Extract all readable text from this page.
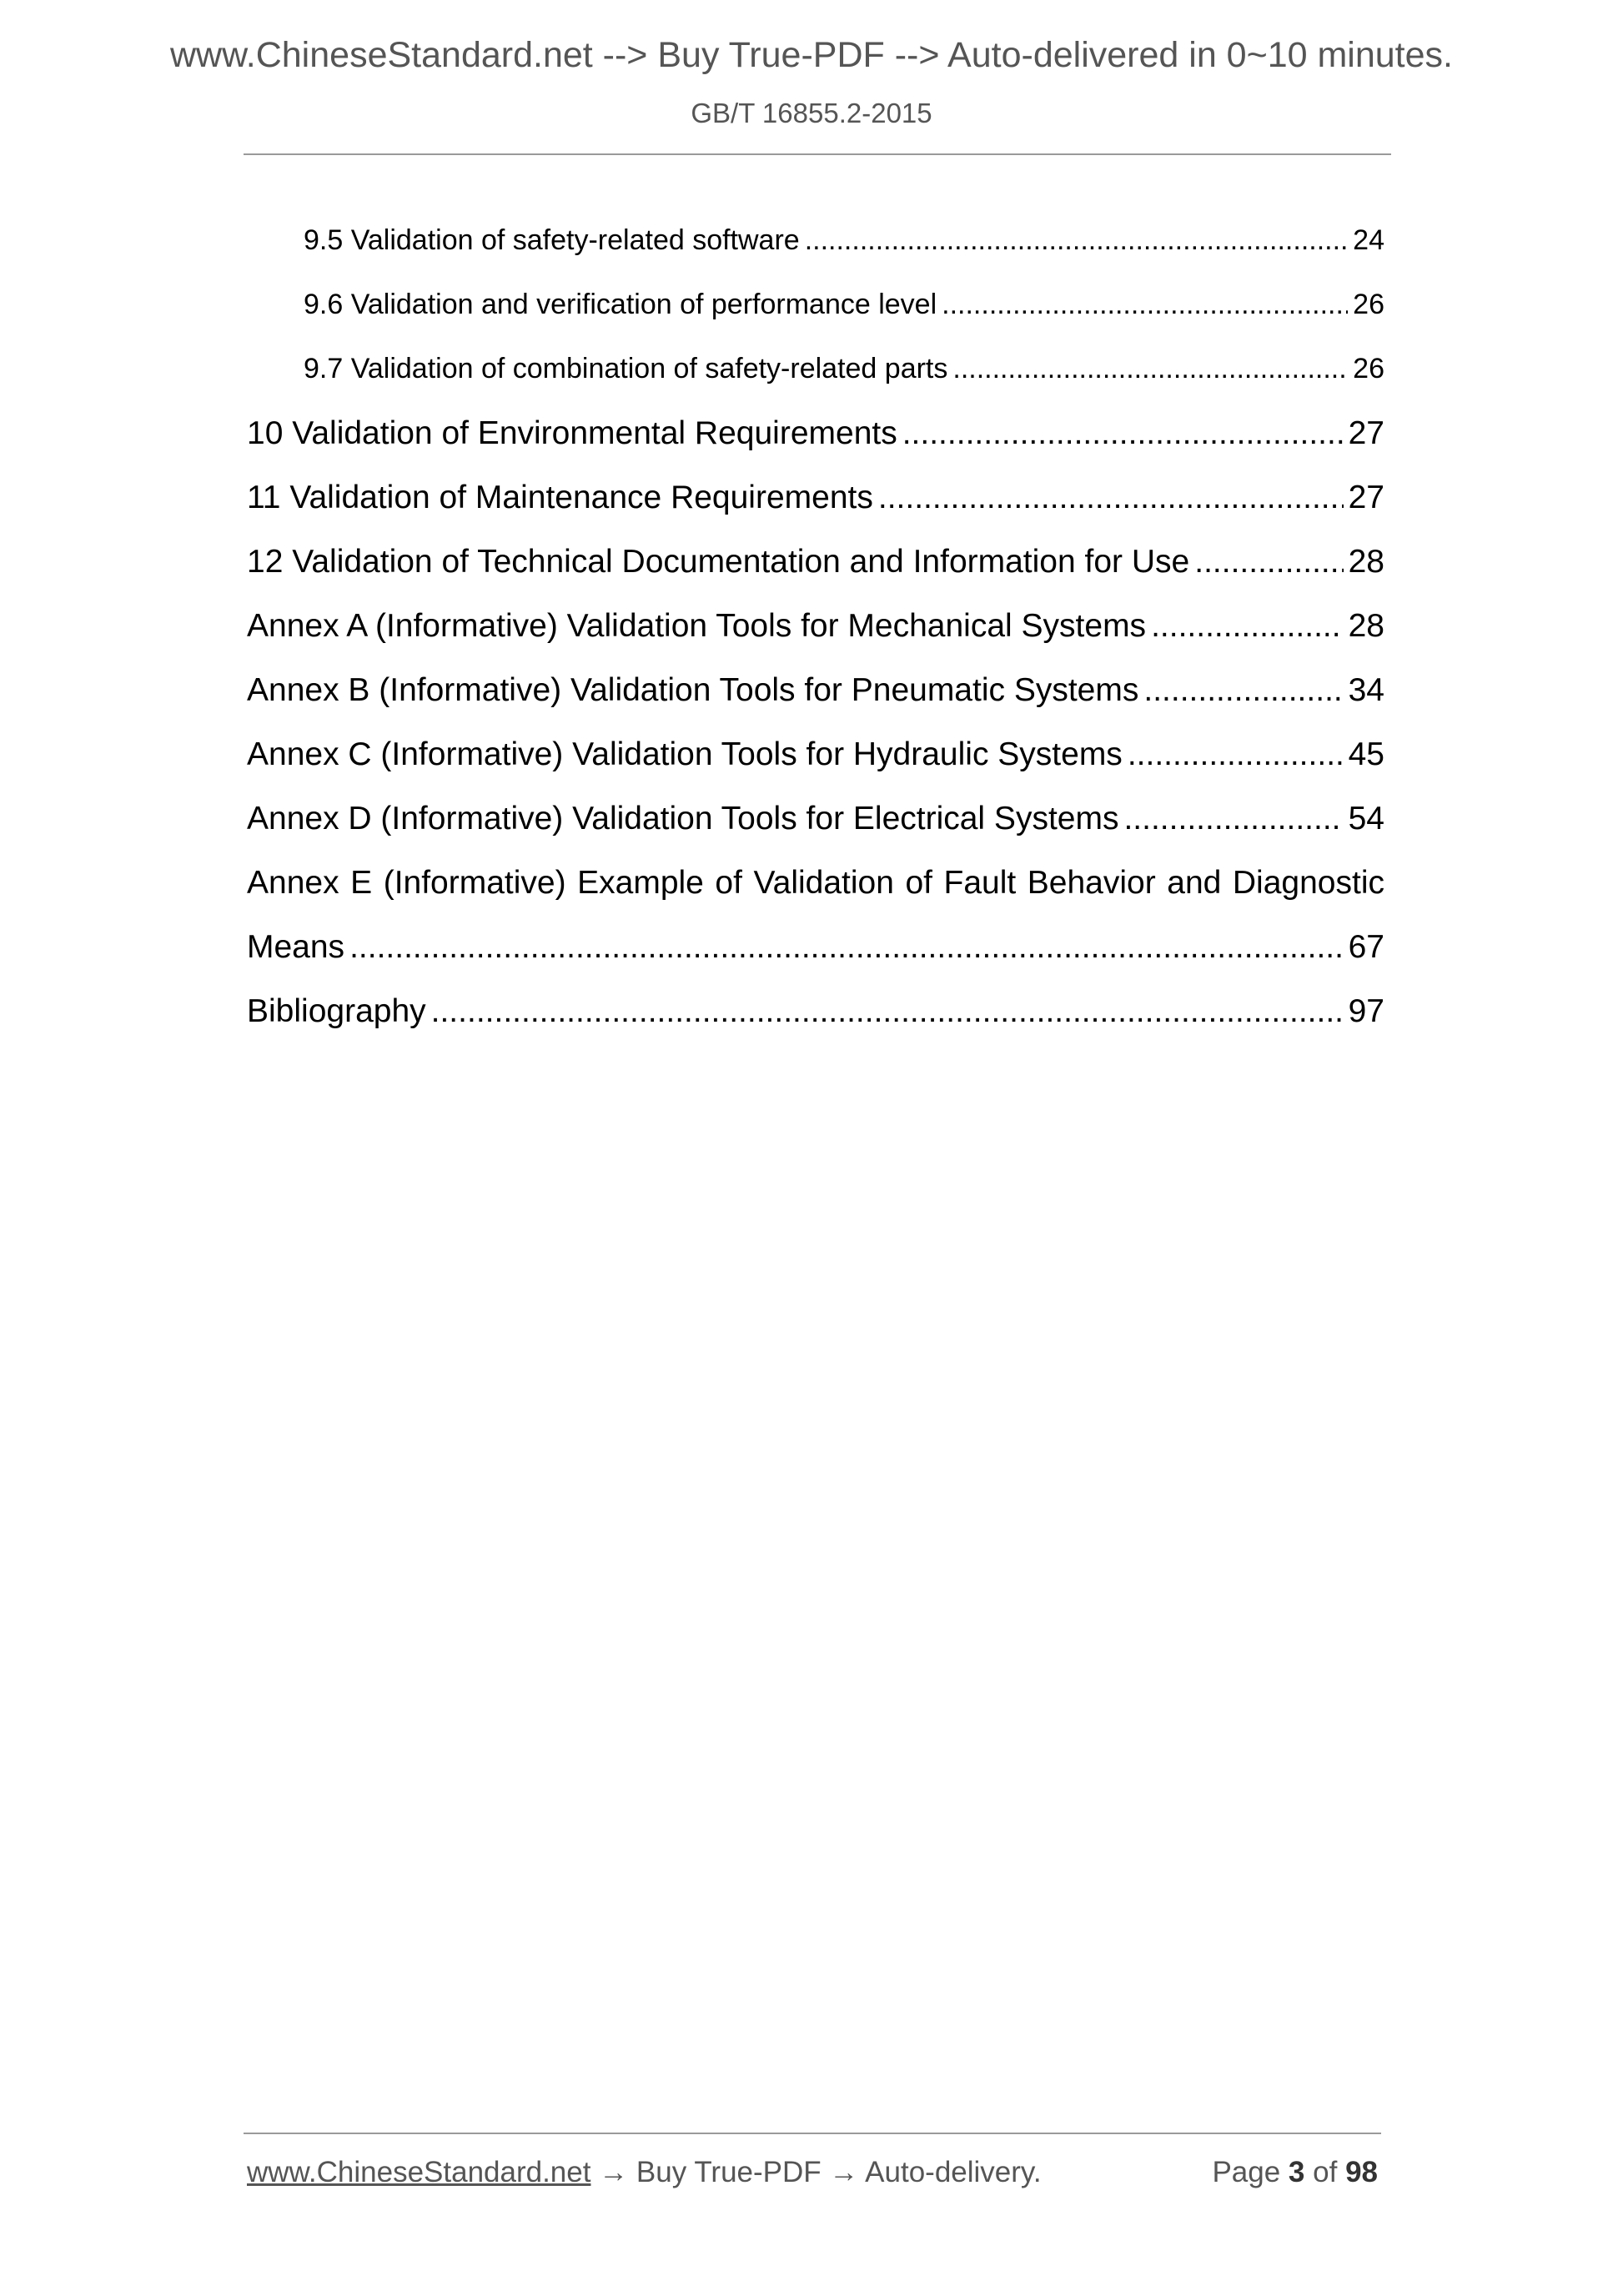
www.ChineseStandard.net --> Buy True-PDF --> Auto-delivered in 0~10 minutes.
GB/T 16855.2-2015
9.5 Validation of safety-related software .....	24
9.6 Validation and verification of performance level .....	26
9.7 Validation of combination of safety-related parts .....	26
10 Validation of Environmental Requirements .....	27
11 Validation of Maintenance Requirements .....	27
12 Validation of Technical Documentation and Information for Use .....	28
Annex A (Informative) Validation Tools for Mechanical Systems .....	28
Annex B (Informative) Validation Tools for Pneumatic Systems .....	34
Annex C (Informative) Validation Tools for Hydraulic Systems .....	45
Annex D (Informative) Validation Tools for Electrical Systems .....	54
Annex E (Informative) Example of Validation of Fault Behavior and Diagnostic
Means .....	67
Bibliography .....	97
www.ChineseStandard.net → Buy True-PDF → Auto-delivery.	Page 3 of 98
